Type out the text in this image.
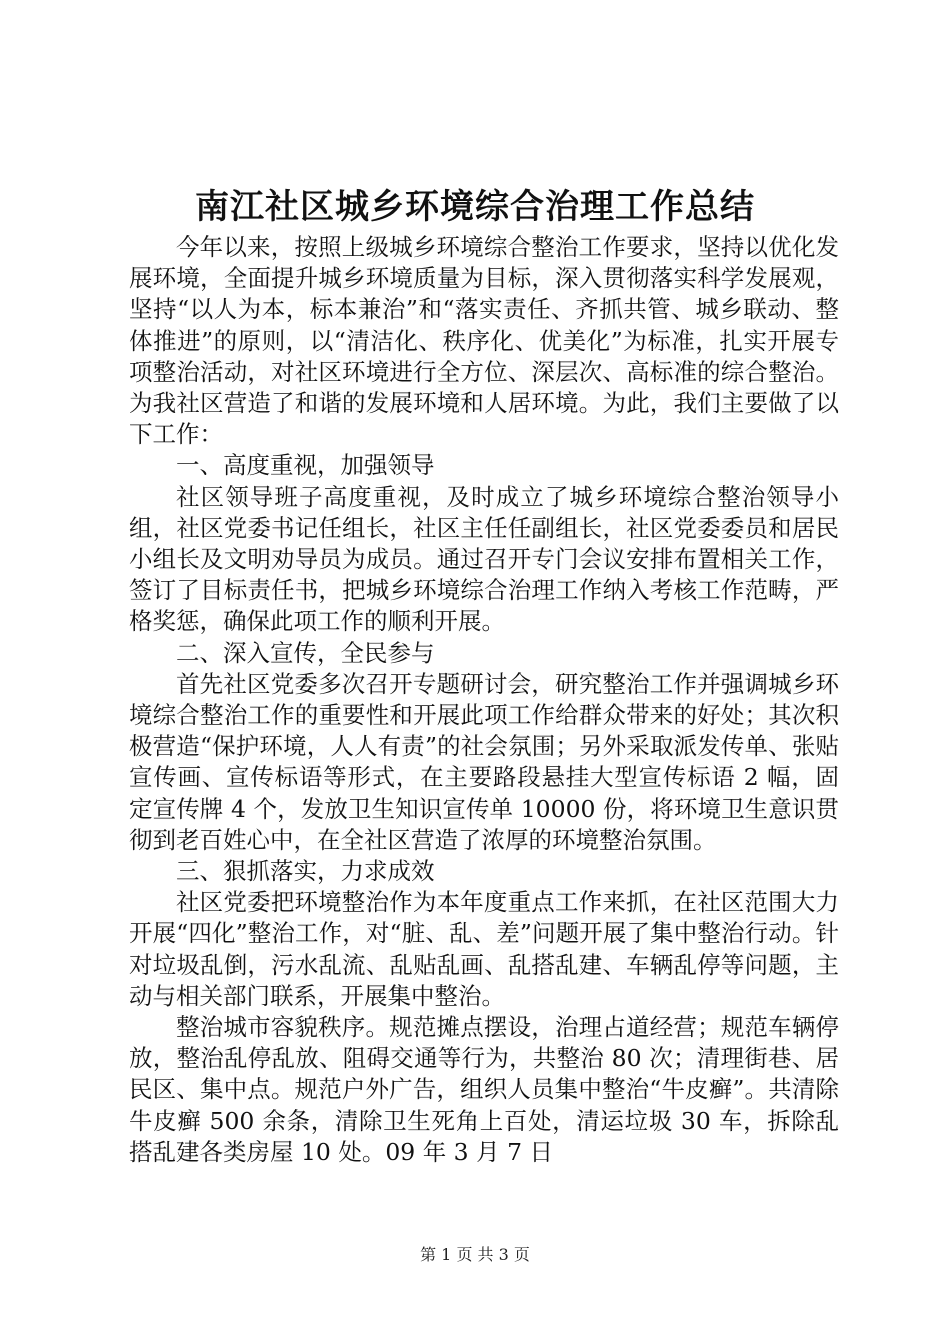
南江社区城乡环境综合治理工作总结

今年以来，按照上级城乡环境综合整治工作要求，坚持以优化发展环境，全面提升城乡环境质量为目标，深入贯彻落实科学发展观，坚持“以人为本，标本兼治”和“落实责任、齐抓共管、城乡联动、整体推进”的原则，以“清洁化、秩序化、优美化”为标准，扎实开展专项整治活动，对社区环境进行全方位、深层次、高标准的综合整治。为我社区营造了和谐的发展环境和人居环境。为此，我们主要做了以下工作：

一、高度重视，加强领导

社区领导班子高度重视，及时成立了城乡环境综合整治领导小组，社区党委书记任组长，社区主任任副组长，社区党委委员和居民小组长及文明劝导员为成员。通过召开专门会议安排布置相关工作，签订了目标责任书，把城乡环境综合治理工作纳入考核工作范畴，严格奖惩，确保此项工作的顺利开展。

二、深入宣传，全民参与

首先社区党委多次召开专题研讨会，研究整治工作并强调城乡环境综合整治工作的重要性和开展此项工作给群众带来的好处；其次积极营造“保护环境，人人有责”的社会氛围；另外采取派发传单、张贴宣传画、宣传标语等形式，在主要路段悬挂大型宣传标语 2 幅，固定宣传牌 4 个，发放卫生知识宣传单 10000 份，将环境卫生意识贯彻到老百姓心中，在全社区营造了浓厚的环境整治氛围。

三、狠抓落实，力求成效

社区党委把环境整治作为本年度重点工作来抓，在社区范围大力开展“四化”整治工作，对“脏、乱、差”问题开展了集中整治行动。针对垃圾乱倒，污水乱流、乱贴乱画、乱搭乱建、车辆乱停等问题，主动与相关部门联系，开展集中整治。

整治城市容貌秩序。规范摊点摆设，治理占道经营；规范车辆停放，整治乱停乱放、阻碍交通等行为，共整治 80 次；清理街巷、居民区、集中点。规范户外广告，组织人员集中整治“牛皮癣”。共清除牛皮癣 500 余条，清除卫生死角上百处，清运垃圾 30 车，拆除乱搭乱建各类房屋 10 处。09 年 3 月 7 日

第 1 页 共 3 页
